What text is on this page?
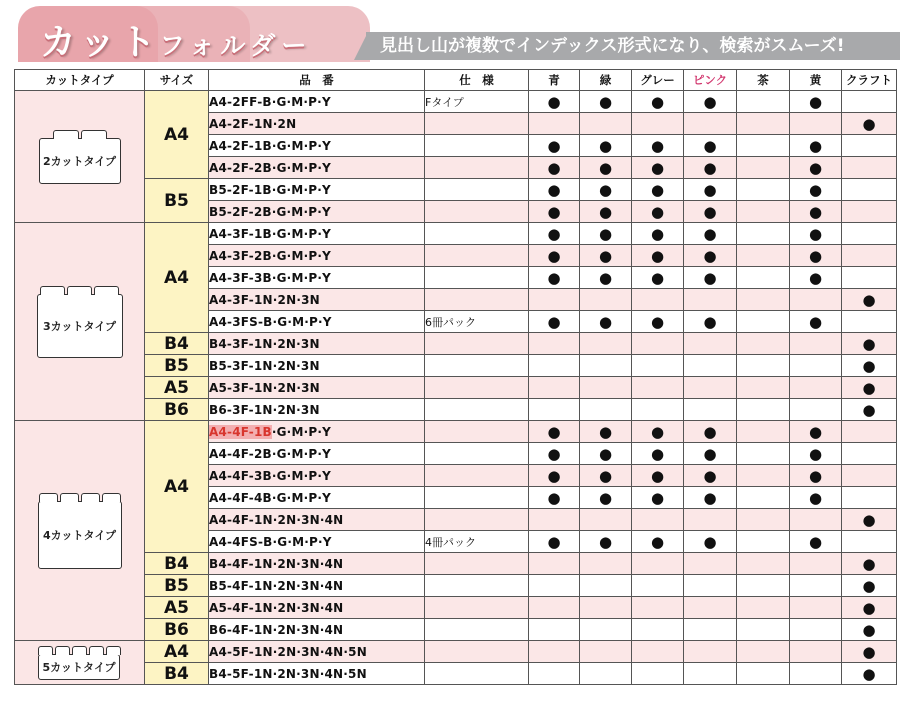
カットフォルダー	見出し山が複数でインデックス形式になり、検索がスムーズ!
カットタイプ	サイズ	品　番	仕　様	青	緑	グレー	ピンク	茶	黄	クラフト

2カットタイプ	A4	A4-2FF-B·G·M·P·Y	Fタイプ	●	●	●	●		●	
		A4-2F-1N·2N								●
		A4-2F-1B·G·M·P·Y		●	●	●	●		●	
		A4-2F-2B·G·M·P·Y		●	●	●	●		●	
	B5	B5-2F-1B·G·M·P·Y		●	●	●	●		●	
		B5-2F-2B·G·M·P·Y		●	●	●	●		●	

3カットタイプ	A4	A4-3F-1B·G·M·P·Y		●	●	●	●		●	
		A4-3F-2B·G·M·P·Y		●	●	●	●		●	
		A4-3F-3B·G·M·P·Y		●	●	●	●		●	
		A4-3F-1N·2N·3N								●
		A4-3FS-B·G·M·P·Y	6冊パック	●	●	●	●		●	
	B4	B4-3F-1N·2N·3N								●
	B5	B5-3F-1N·2N·3N								●
	A5	A5-3F-1N·2N·3N								●
	B6	B6-3F-1N·2N·3N								●

4カットタイプ	A4	A4-4F-1B·G·M·P·Y		●	●	●	●		●	
		A4-4F-2B·G·M·P·Y		●	●	●	●		●	
		A4-4F-3B·G·M·P·Y		●	●	●	●		●	
		A4-4F-4B·G·M·P·Y		●	●	●	●		●	
		A4-4F-1N·2N·3N·4N								●
		A4-4FS-B·G·M·P·Y	4冊パック	●	●	●	●		●	
	B4	B4-4F-1N·2N·3N·4N								●
	B5	B5-4F-1N·2N·3N·4N								●
	A5	A5-4F-1N·2N·3N·4N								●
	B6	B6-4F-1N·2N·3N·4N								●

5カットタイプ	A4	A4-5F-1N·2N·3N·4N·5N								●
	B4	B4-5F-1N·2N·3N·4N·5N								●
